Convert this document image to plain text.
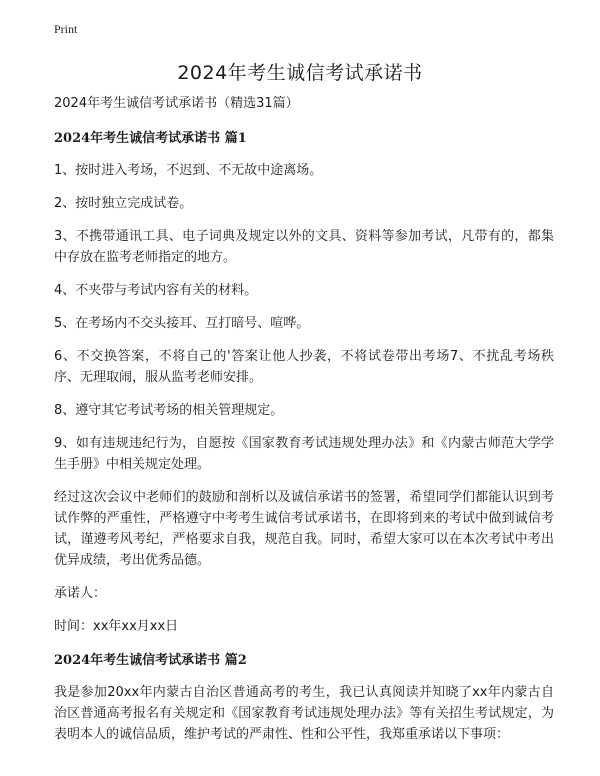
Print
2024年考生诚信考试承诺书

2024年考生诚信考试承诺书（精选31篇）

2024年考生诚信考试承诺书 篇1

1、按时进入考场，不迟到、不无故中途离场。

2、按时独立完成试卷。

3、不携带通讯工具、电子词典及规定以外的文具、资料等参加考试，凡带有的，都集中存放在监考老师指定的地方。

4、不夹带与考试内容有关的材料。

5、在考场内不交头接耳、互打暗号、喧哗。

6、不交换答案，不将自己的'答案让他人抄袭，不将试卷带出考场7、不扰乱考场秩序、无理取闹，服从监考老师安排。

8、遵守其它考试考场的相关管理规定。

9、如有违规违纪行为，自愿按《国家教育考试违规处理办法》和《内蒙古师范大学学生手册》中相关规定处理。

经过这次会议中老师们的鼓励和剖析以及诚信承诺书的签署，希望同学们都能认识到考试作弊的严重性，严格遵守中考考生诚信考试承诺书，在即将到来的考试中做到诚信考试，谨遵考风考纪，严格要求自我，规范自我。同时，希望大家可以在本次考试中考出优异成绩，考出优秀品德。

承诺人：

时间：xx年xx月xx日

2024年考生诚信考试承诺书 篇2

我是参加20xx年内蒙古自治区普通高考的考生，我已认真阅读并知晓了xx年内蒙古自治区普通高考报名有关规定和《国家教育考试违规处理办法》等有关招生考试规定，为表明本人的诚信品质，维护考试的严肃性、性和公平性，我郑重承诺以下事项：
